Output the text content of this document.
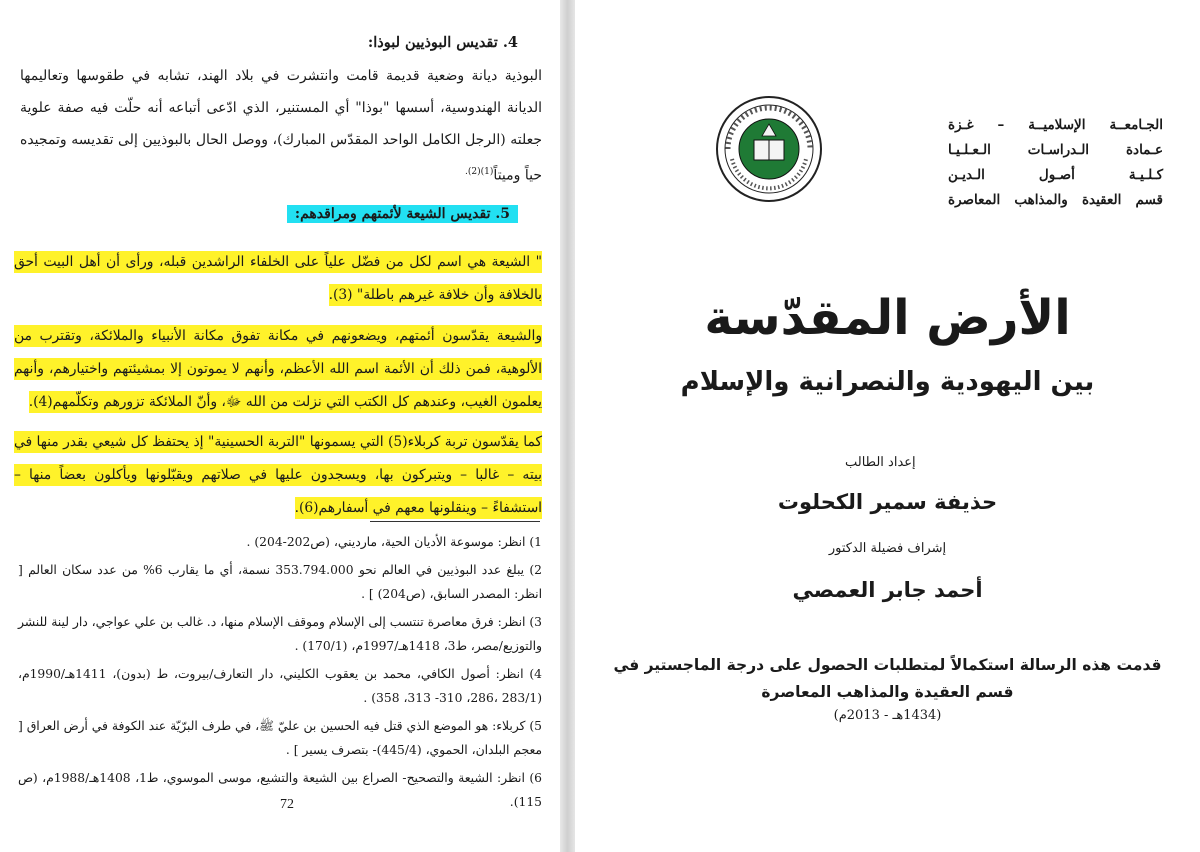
4. تقديس البوذيين لبوذا:
البوذية ديانة وضعية قديمة قامت وانتشرت في بلاد الهند، تشابه في طقوسها وتعاليمها الديانة الهندوسية، أسسها "بوذا" أي المستنير، الذي ادّعى أتباعه أنه حلّت فيه صفة علوية جعلته (الرجل الكامل الواحد المقدّس المبارك)، ووصل الحال بالبوذيين إلى تقديسه وتمجيده حياً وميتاً$^{(1)(2).}$
5. تقديس الشيعة لأئمتهم ومراقدهم:
" الشيعة هي اسم لكل من فضّل علياً على الخلفاء الراشدين قبله، ورأى أن أهل البيت أحق بالخلافة وأن خلافة غيرهم باطلة" (3).
والشيعة يقدّسون أئمتهم، ويضعونهم في مكانة تفوق مكانة الأنبياء والملائكة، وتقترب من الألوهية، فمن ذلك أن الأئمة اسم الله الأعظم، وأنهم لا يموتون إلا بمشيئتهم واختيارهم، وأنهم يعلمون الغيب، وعندهم كل الكتب التي نزلت من الله ﷻ، وأنّ الملائكة تزورهم وتكلّمهم(4).
كما يقدّسون تربة كربلاء(5) التي يسمونها "التربة الحسينية" إذ يحتفظ كل شيعي بقدر منها في بيته – غالبا – ويتبركون بها، ويسجدون عليها في صلاتهم ويقبّلونها ويأكلون بعضاً منها – استشفاءً – وينقلونها معهم في أسفارهم(6).
1) انظر: موسوعة الأديان الحية، مارديني، (ص202-204) .
2) يبلغ عدد البوذيين في العالم نحو 353.794.000 نسمة، أي ما يقارب 6% من عدد سكان العالم [ انظر: المصدر السابق، (ص204) ] .
3) انظر: فرق معاصرة تنتسب إلى الإسلام وموقف الإسلام منها، د. غالب بن علي عواجي، دار لينة للنشر والتوزيع/مصر، ط3، 1418هـ/1997م، (170/1) .
4) انظر: أصول الكافي، محمد بن يعقوب الكليني، دار التعارف/بيروت، ط (بدون)، 1411هـ/1990م، (283/1 ،286، 310- 313، 358) .
5) كربلاء: هو الموضع الذي قتل فيه الحسين بن عليّ ﷺ، في طرف البرّيّة عند الكوفة في أرض العراق [ معجم البلدان، الحموي، (445/4)- بتصرف يسير ] .
6) انظر: الشيعة والتصحيح- الصراع بين الشيعة والتشيع، موسى الموسوي، ط1، 1408هـ/1988م، (ص 115).
72
الجـامعــة الإسلاميــة – غـزة
عـمادة الـدراسـات الـعـلـيـا
كـلـيـة أصـول الـديـن
قسم العقيدة والمذاهب المعاصرة
الأرض المقدّسة
بين اليهودية والنصرانية والإسلام
إعداد الطالب
حذيفة سمير الكحلوت
إشراف فضيلة الدكتور
أحمد جابر العمصي
قدمت هذه الرسالة استكمالاً لمتطلبات الحصول على درجة الماجستير في
قسم العقيدة والمذاهب المعاصرة
(1434هـ - 2013م)
